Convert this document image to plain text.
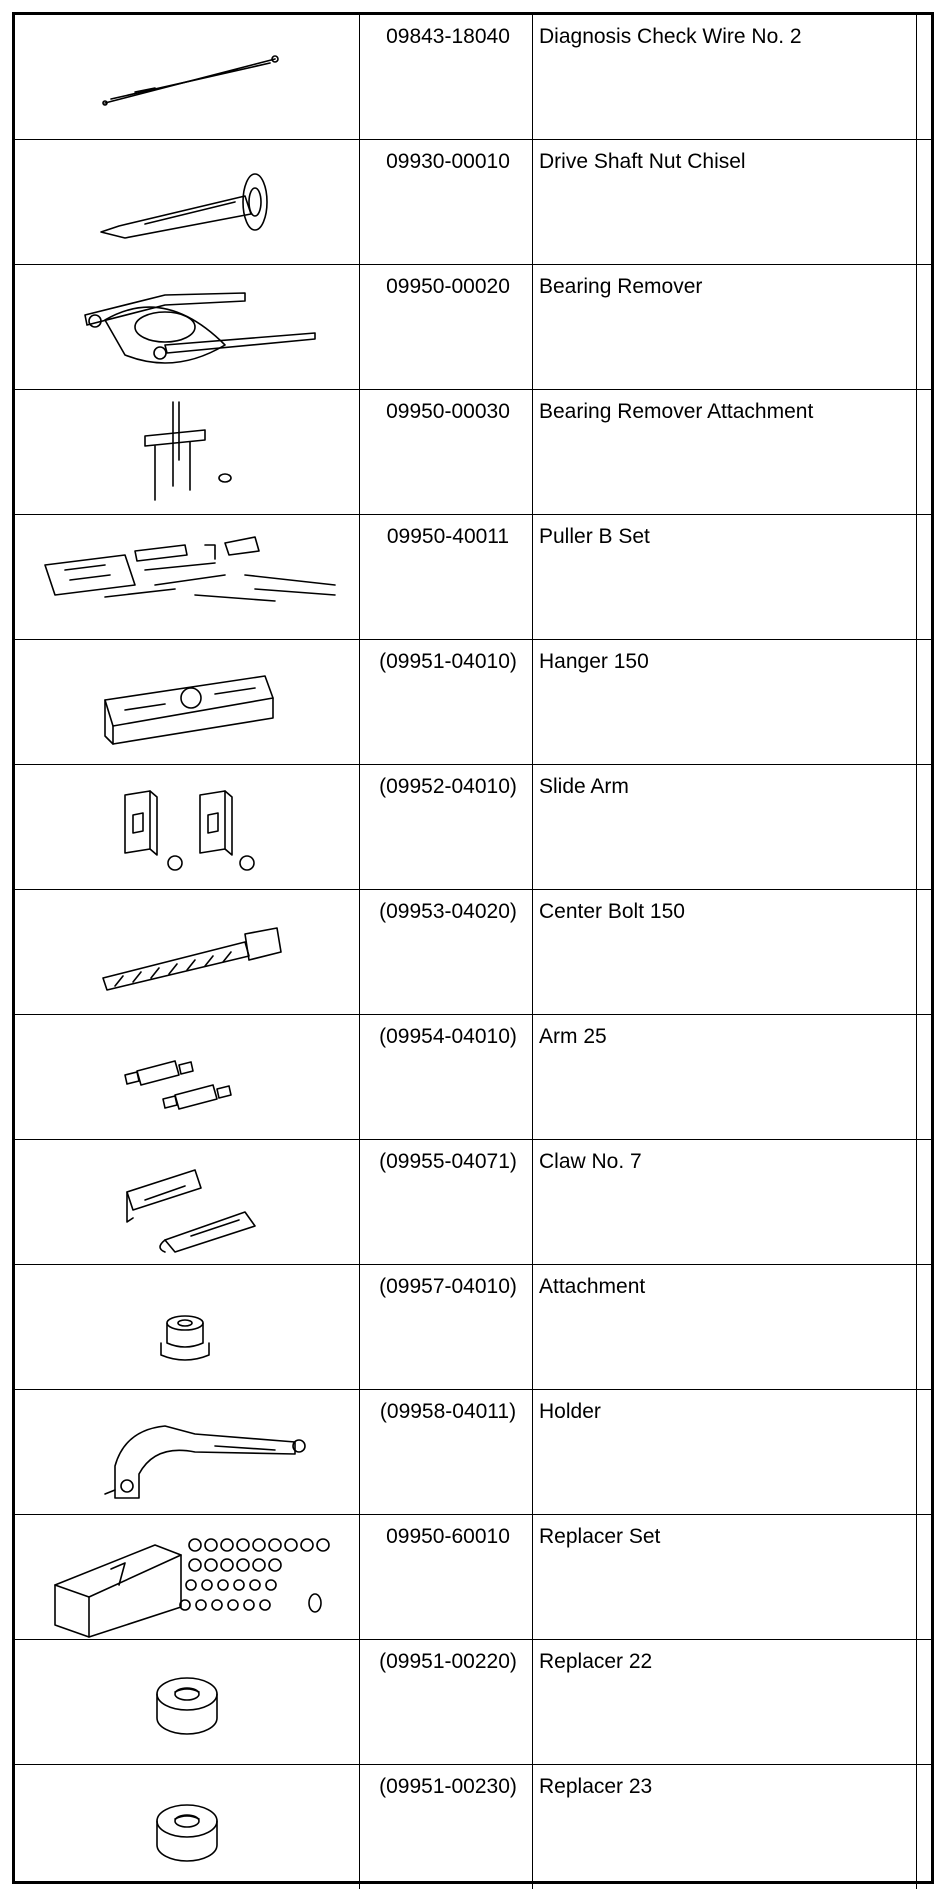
	09843-18040	Diagnosis Check Wire No. 2	

	09930-00010	Drive Shaft Nut Chisel	

	09950-00020	Bearing Remover	

	09950-00030	Bearing Remover Attachment	

	09950-40011	Puller B Set	

	(09951-04010)	Hanger 150	

	(09952-04010)	Slide Arm	

	(09953-04020)	Center Bolt 150	

	(09954-04010)	Arm 25	

	(09955-04071)	Claw No. 7	

	(09957-04010)	Attachment	

	(09958-04011)	Holder	

	09950-60010	Replacer Set	

	(09951-00220)	Replacer 22	

	(09951-00230)	Replacer 23	
